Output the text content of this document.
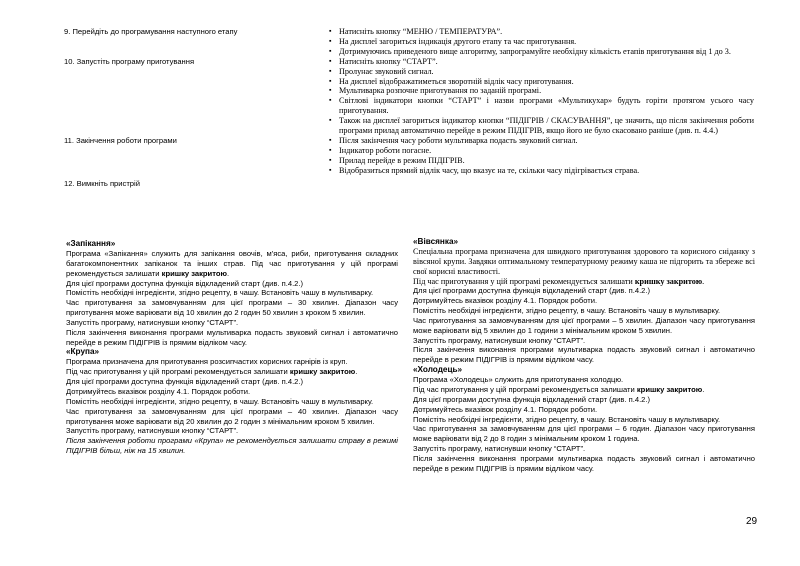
9. Перейдіть до програмування наступного етапу	▪ Натисніть кнопку “МЕНЮ / ТЕМПЕРАТУРА”.
▪ На дисплеї загориться індикація другого етапу та час приготування.
▪ Дотримуючись приведеного вище алгоритму, запрограмуйте необхідну кількість етапів приготування від 1 до 3.
10. Запустіть програму приготування	▪ Натисніть кнопку “СТАРТ”.
▪ Пролунає звуковий сигнал.
▪ На дисплеї відображатиметься зворотній відлік часу приготування.
▪ Мультиварка розпочне приготування по заданій програмі.
▪ Світлові індикатори кнопки “СТАРТ” і назви програми «Мультикухар» будуть горіти протягом усього часу приготування.
▪ Також на дисплеї загориться індикатор кнопки “ПІДІГРІВ / СКАСУВАННЯ”, це значить, що після закінчення роботи програми прилад автоматично перейде в режим ПІДІГРІВ, якщо його не було скасовано раніше (див. п. 4.4.)
11. Закінчення роботи програми	▪ Після закінчення часу роботи мультиварка подасть звуковий сигнал.
▪ Індикатор роботи погасне.
▪ Прилад перейде в режим ПІДІГРІВ.
▪ Відобразиться прямий відлік часу, що вказує на те, скільки часу підігрівається страва.
12. Вимкніть пристрій
«Запікання»

Програма «Запікання» служить для запікання овочів, м'яса, риби, приготування складних багатокомпонентних запіканок та інших страв. Під час приготування у цій програмі рекомендується залишати кришку закритою.

Для цієї програми доступна функція відкладений старт (див. п.4.2.)

Помістіть необхідні інгредієнти, згідно рецепту, в чашу. Встановіть чашу в мультиварку.

Час приготування за замовчуванням для цієї програми – 30 хвилин. Діапазон часу приготування може варіювати від 10 хвилин до 2 годин 50 хвилин з кроком 5 хвилин.

Запустіть програму, натиснувши кнопку “СТАРТ”.

Після закінчення виконання програми мультиварка подасть звуковий сигнал і автоматично перейде в режим ПІДІГРІВ із прямим відліком часу.

«Крупа»

Програма призначена для приготування розсипчастих корисних гарнірів із круп.

Під час приготування у цій програмі рекомендується залишати кришку закритою.

Для цієї програми доступна функція відкладений старт (див. п.4.2.)

Дотримуйтесь вказівок розділу 4.1. Порядок роботи.

Помістіть необхідні інгредієнти, згідно рецепту, в чашу. Встановіть чашу в мультиварку.

Час приготування за замовчуванням для цієї програми – 40 хвилин. Діапазон часу приготування може варіювати від 20 хвилин до 2 годин з мінімальним кроком 5 хвилин.

Запустіть програму, натиснувши кнопку “СТАРТ”.

Після закінчення роботи програми «Крупа» не рекомендується залишати страву в режимі ПІДІГРІВ більш, ніж на 15 хвилин.

«Вівсянка»

Спеціальна програма призначена для швидкого приготування здорового та корисного сніданку з вівсяної крупи. Завдяки оптимальному температурному режиму каша не підгорить та збереже всі свої корисні властивості.

Під час приготування у цій програмі рекомендується залишати кришку закритою.

Для цієї програми доступна функція відкладений старт (див. п.4.2.)

Дотримуйтесь вказівок розділу 4.1. Порядок роботи.

Помістіть необхідні інгредієнти, згідно рецепту, в чашу. Встановіть чашу в мультиварку.

Час приготування за замовчуванням для цієї програми – 5 хвилин. Діапазон часу приготування може варіювати від 5 хвилин до 1 години з мінімальним кроком 5 хвилин.

Запустіть програму, натиснувши кнопку “СТАРТ”.

Після закінчення виконання програми мультиварка подасть звуковий сигнал і автоматично перейде в режим ПІДІГРІВ із прямим відліком часу.

«Холодець»

Програма «Холодець» служить для приготування холодцю.

Під час приготування у цій програмі рекомендується залишати кришку закритою.

Для цієї програми доступна функція відкладений старт (див. п.4.2.)

Дотримуйтесь вказівок розділу 4.1. Порядок роботи.

Помістіть необхідні інгредієнти, згідно рецепту, в чашу. Встановіть чашу в мультиварку.

Час приготування за замовчуванням для цієї програми – 6 годин. Діапазон часу приготування може варіювати від 2 до 8 годин з мінімальним кроком 1 година.

Запустіть програму, натиснувши кнопку “СТАРТ”.

Після закінчення виконання програми мультиварка подасть звуковий сигнал і автоматично перейде в режим ПІДІГРІВ із прямим відліком часу.

29
